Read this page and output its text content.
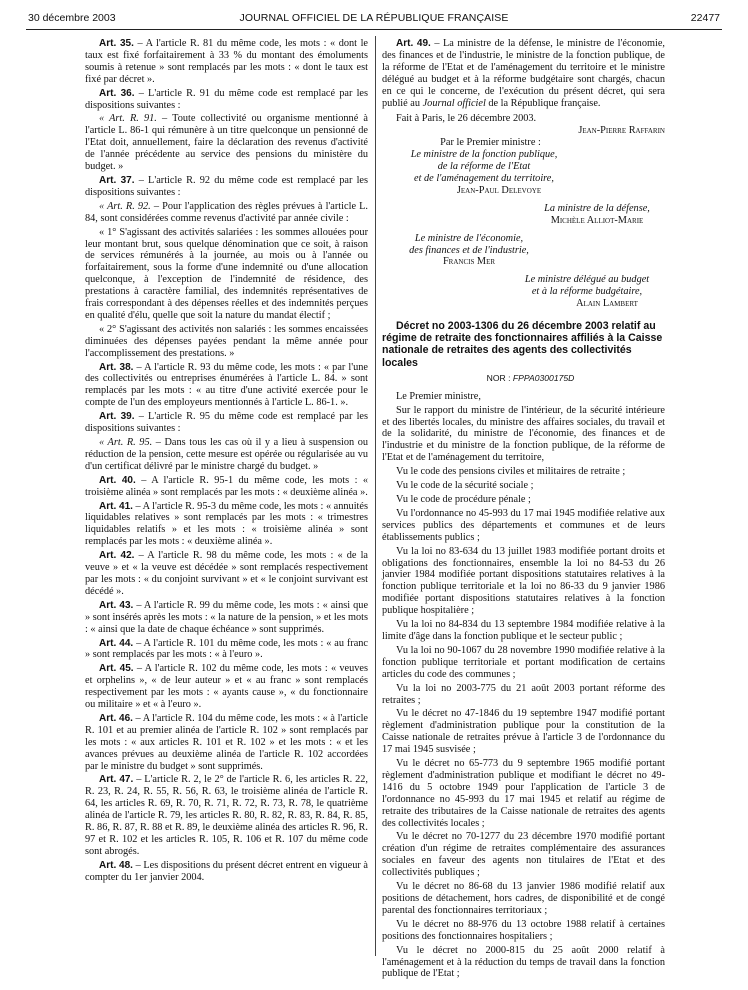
30 décembre 2003	JOURNAL OFFICIEL DE LA RÉPUBLIQUE FRANÇAISE	22477

Art. 35. – A l'article R. 81 du même code, les mots : « dont le taux est fixé forfaitairement à 33 % du montant des émoluments soumis à retenue » sont remplacés par les mots : « dont le taux est fixé par décret ».

Art. 36. – L'article R. 91 du même code est remplacé par les dispositions suivantes :

« Art. R. 91. – Toute collectivité ou organisme mentionné à l'article L. 86-1 qui rémunère à un titre quelconque un pensionné de l'Etat doit, annuellement, faire la déclaration des revenus d'activité de l'année précédente au service des pensions du ministère du budget. »

Art. 37. – L'article R. 92 du même code est remplacé par les dispositions suivantes :

« Art. R. 92. – Pour l'application des règles prévues à l'article L. 84, sont considérées comme revenus d'activité par année civile :

« 1° S'agissant des activités salariées : les sommes allouées pour leur montant brut, sous quelque dénomination que ce soit, à raison de services rémunérés à la journée, au mois ou à l'année ou forfaitairement, sous la forme d'une indemnité ou d'une allocation quelconque, à l'exception de l'indemnité de résidence, des prestations à caractère familial, des indemnités représentatives de frais correspondant à des dépenses réelles et des indemnités perçues en qualité d'élu, quelle que soit la nature du mandat électif ;

« 2° S'agissant des activités non salariés : les sommes encaissées diminuées des dépenses payées pendant la même année pour l'accomplissement des prestations. »

Art. 38. – A l'article R. 93 du même code, les mots : « par l'une des collectivités ou entreprises énumérées à l'article L. 84. » sont remplacés par les mots : « au titre d'une activité exercée pour le compte de l'un des employeurs mentionnés à l'article L. 86-1. ».

Art. 39. – L'article R. 95 du même code est remplacé par les dispositions suivantes :

« Art. R. 95. – Dans tous les cas où il y a lieu à suspension ou réduction de la pension, cette mesure est opérée ou régularisée au vu d'un certificat délivré par le ministre chargé du budget. »

Art. 40. – A l'article R. 95-1 du même code, les mots : « troisième alinéa » sont remplacés par les mots : « deuxième alinéa ».

Art. 41. – A l'article R. 95-3 du même code, les mots : « annuités liquidables relatives » sont remplacés par les mots : « trimestres liquidables relatifs » et les mots : « troisième alinéa » sont remplacés par les mots : « deuxième alinéa ».

Art. 42. – A l'article R. 98 du même code, les mots : « de la veuve » et « la veuve est décédée » sont remplacés respectivement par les mots : « du conjoint survivant » et « le conjoint survivant est décédé ».

Art. 43. – A l'article R. 99 du même code, les mots : « ainsi que » sont insérés après les mots : « la nature de la pension, » et les mots : « ainsi que la date de chaque échéance » sont supprimés.

Art. 44. – A l'article R. 101 du même code, les mots : « au franc » sont remplacés par les mots : « à l'euro ».

Art. 45. – A l'article R. 102 du même code, les mots : « veuves et orphelins », « de leur auteur » et « au franc » sont remplacés respectivement par les mots : « ayants cause », « du fonctionnaire ou militaire » et « à l'euro ».

Art. 46. – A l'article R. 104 du même code, les mots : « à l'article R. 101 et au premier alinéa de l'article R. 102 » sont remplacés par les mots : « aux articles R. 101 et R. 102 » et les mots : « et les avances prévues au deuxième alinéa de l'article R. 102 accordées par le ministre du budget » sont supprimés.

Art. 47. – L'article R. 2, le 2° de l'article R. 6, les articles R. 22, R. 23, R. 24, R. 55, R. 56, R. 63, le troisième alinéa de l'article R. 64, les articles R. 69, R. 70, R. 71, R. 72, R. 73, R. 78, le quatrième alinéa de l'article R. 79, les articles R. 80, R. 82, R. 83, R. 84, R. 85, R. 86, R. 87, R. 88 et R. 89, le deuxième alinéa des articles R. 96, R. 97 et R. 102 et les articles R. 105, R. 106 et R. 107 du même code sont abrogés.

Art. 48. – Les dispositions du présent décret entrent en vigueur à compter du 1er janvier 2004.

Art. 49. – La ministre de la défense, le ministre de l'économie, des finances et de l'industrie, le ministre de la fonction publique, de la réforme de l'Etat et de l'aménagement du territoire et le ministre délégué au budget et à la réforme budgétaire sont chargés, chacun en ce qui le concerne, de l'exécution du présent décret, qui sera publié au Journal officiel de la République française.

Fait à Paris, le 26 décembre 2003.

Jean-Pierre Raffarin

Par le Premier ministre :

Le ministre de la fonction publique,

de la réforme de l'Etat

et de l'aménagement du territoire,

Jean-Paul Delevoye

La ministre de la défense,

Michèle Alliot-Marie

Le ministre de l'économie,

des finances et de l'industrie,

Francis Mer

Le ministre délégué au budget

et à la réforme budgétaire,

Alain Lambert

Décret no 2003-1306 du 26 décembre 2003 relatif au régime de retraite des fonctionnaires affiliés à la Caisse nationale de retraites des agents des collectivités locales

NOR : FPPA0300175D

Le Premier ministre,

Sur le rapport du ministre de l'intérieur, de la sécurité intérieure et des libertés locales, du ministre des affaires sociales, du travail et de la solidarité, du ministre de l'économie, des finances et de l'industrie et du ministre de la fonction publique, de la réforme de l'Etat et de l'aménagement du territoire,

Vu le code des pensions civiles et militaires de retraite ;

Vu le code de la sécurité sociale ;

Vu le code de procédure pénale ;

Vu l'ordonnance no 45-993 du 17 mai 1945 modifiée relative aux services publics des départements et communes et de leurs établissements publics ;

Vu la loi no 83-634 du 13 juillet 1983 modifiée portant droits et obligations des fonctionnaires, ensemble la loi no 84-53 du 26 janvier 1984 modifiée portant dispositions statutaires relatives à la fonction publique territoriale et la loi no 86-33 du 9 janvier 1986 modifiée portant dispositions statutaires relatives à la fonction publique hospitalière ;

Vu la loi no 84-834 du 13 septembre 1984 modifiée relative à la limite d'âge dans la fonction publique et le secteur public ;

Vu la loi no 90-1067 du 28 novembre 1990 modifiée relative à la fonction publique territoriale et portant modification de certains articles du code des communes ;

Vu la loi no 2003-775 du 21 août 2003 portant réforme des retraites ;

Vu le décret no 47-1846 du 19 septembre 1947 modifié portant règlement d'administration publique pour la constitution de la Caisse nationale de retraites prévue à l'article 3 de l'ordonnance du 17 mai 1945 susvisée ;

Vu le décret no 65-773 du 9 septembre 1965 modifié portant règlement d'administration publique et modifiant le décret no 49-1416 du 5 octobre 1949 pour l'application de l'article 3 de l'ordonnance no 45-993 du 17 mai 1945 et relatif au régime de retraite des tributaires de la Caisse nationale de retraites des agents des collectivités locales ;

Vu le décret no 70-1277 du 23 décembre 1970 modifié portant création d'un régime de retraites complémentaire des assurances sociales en faveur des agents non titulaires de l'Etat et des collectivités publiques ;

Vu le décret no 86-68 du 13 janvier 1986 modifié relatif aux positions de détachement, hors cadres, de disponibilité et de congé parental des fonctionnaires territoriaux ;

Vu le décret no 88-976 du 13 octobre 1988 relatif à certaines positions des fonctionnaires hospitaliers ;

Vu le décret no 2000-815 du 25 août 2000 relatif à l'aménagement et à la réduction du temps de travail dans la fonction publique de l'Etat ;
